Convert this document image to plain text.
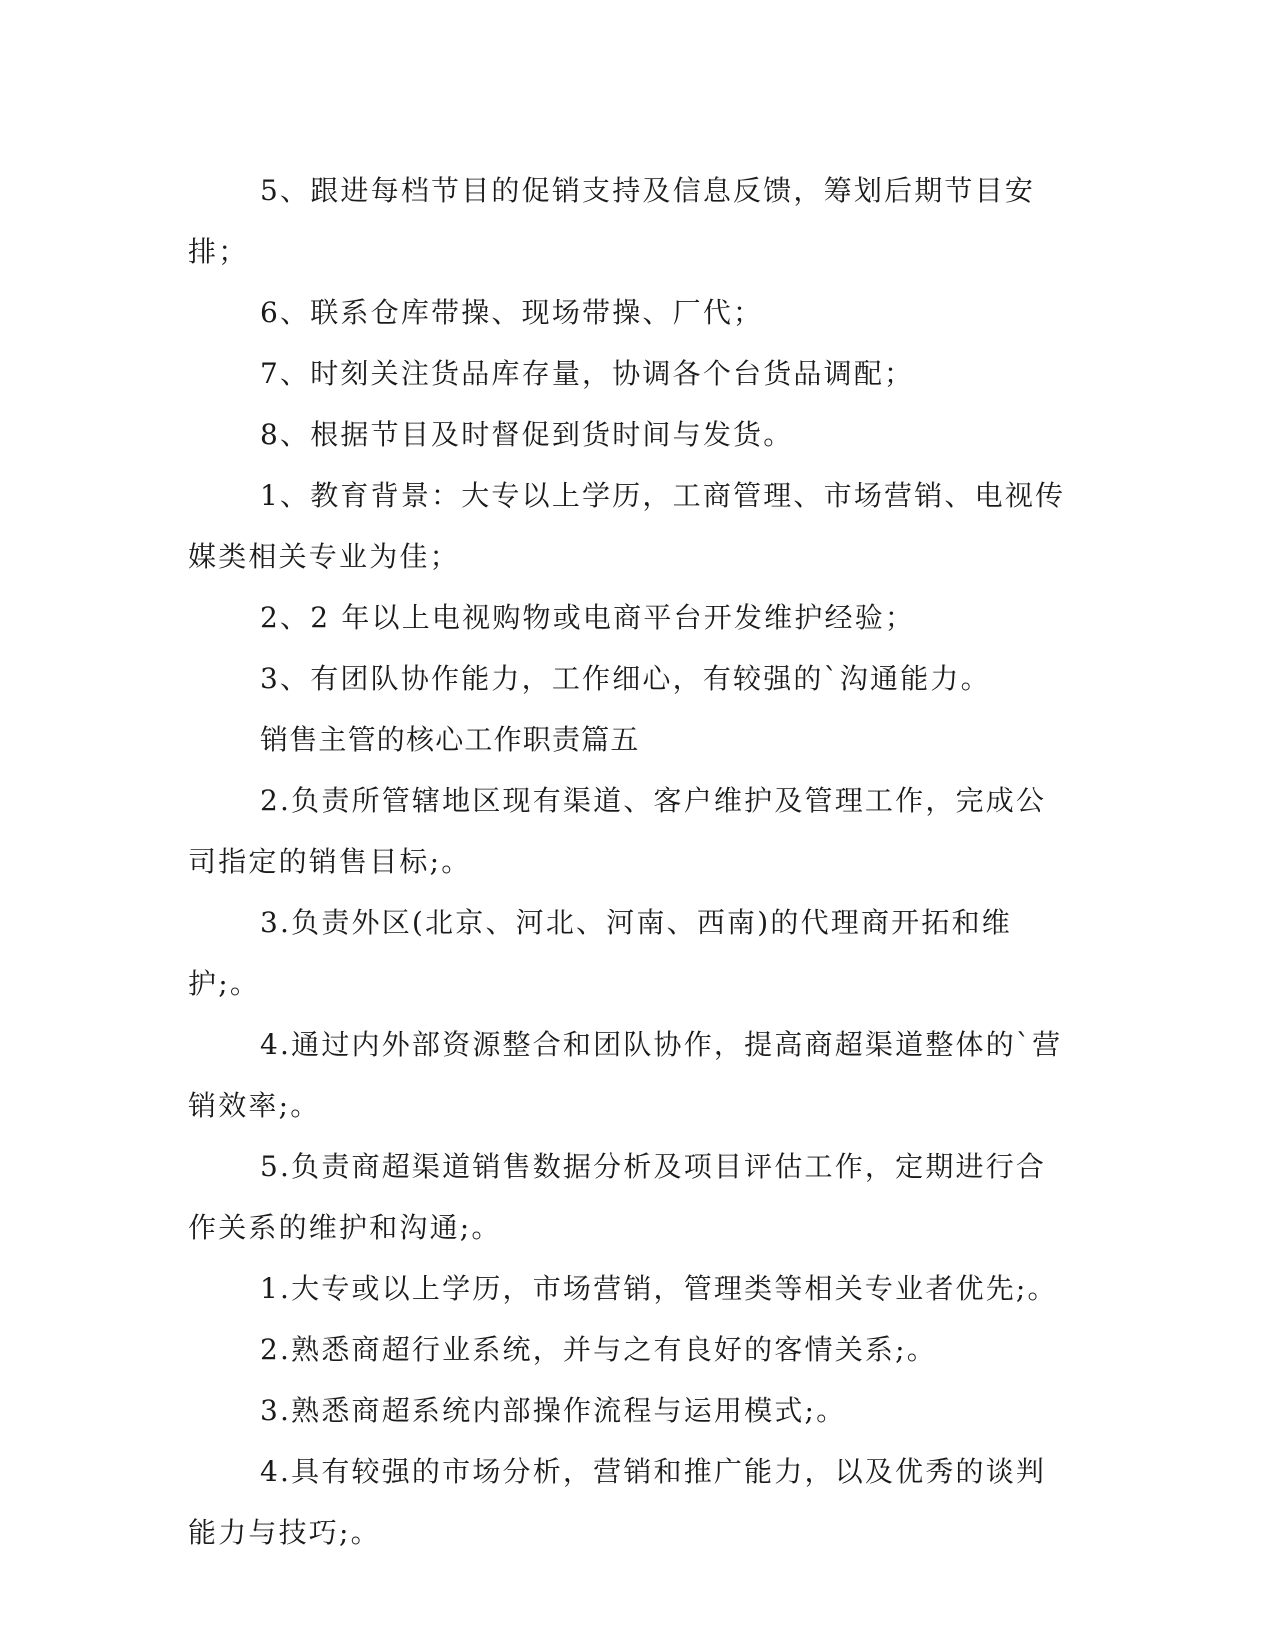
5、跟进每档节目的促销支持及信息反馈，筹划后期节目安排；

6、联系仓库带操、现场带操、厂代；

7、时刻关注货品库存量，协调各个台货品调配；

8、根据节目及时督促到货时间与发货。

1、教育背景：大专以上学历，工商管理、市场营销、电视传媒类相关专业为佳；

2、2 年以上电视购物或电商平台开发维护经验；

3、有团队协作能力，工作细心，有较强的`沟通能力。

销售主管的核心工作职责篇五

2.负责所管辖地区现有渠道、客户维护及管理工作，完成公司指定的销售目标;。

3.负责外区(北京、河北、河南、西南)的代理商开拓和维护;。

4.通过内外部资源整合和团队协作，提高商超渠道整体的`营销效率;。

5.负责商超渠道销售数据分析及项目评估工作，定期进行合作关系的维护和沟通;。

1.大专或以上学历，市场营销，管理类等相关专业者优先;。

2.熟悉商超行业系统，并与之有良好的客情关系;。

3.熟悉商超系统内部操作流程与运用模式;。

4.具有较强的市场分析，营销和推广能力，以及优秀的谈判能力与技巧;。
